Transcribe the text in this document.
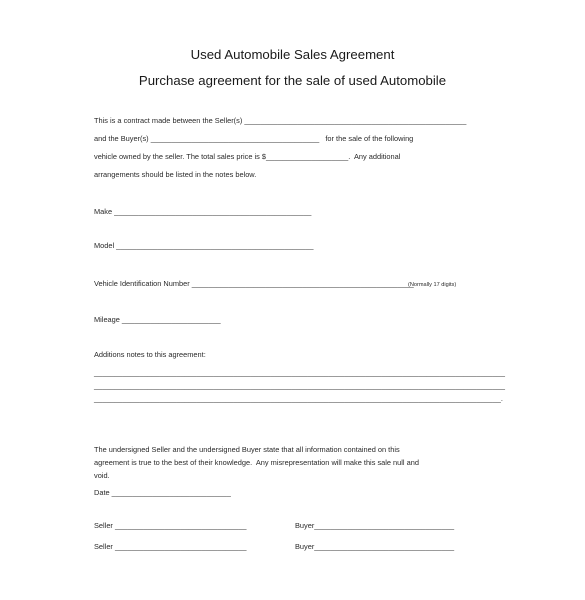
Used Automobile Sales Agreement
Purchase agreement for the sale of used Automobile
This is a contract made between the Seller(s) ______________________________________________________
and the Buyer(s) _________________________________________   for the sale of the following
vehicle owned by the seller. The total sales price is $____________________.  Any additional
arrangements should be listed in the notes below.
Make ________________________________________________
Model ________________________________________________
Vehicle Identification Number ______________________________________________________
(Normally 17 digits)
Mileage ________________________
Additions notes to this agreement:
____________________________________________________________________________________________________
____________________________________________________________________________________________________
___________________________________________________________________________________________________.
The undersigned Seller and the undersigned Buyer state that all information contained on this
agreement is true to the best of their knowledge.  Any misrepresentation will make this sale null and
void.
Date _____________________________
Seller ________________________________	Buyer__________________________________
Seller ________________________________	Buyer__________________________________
